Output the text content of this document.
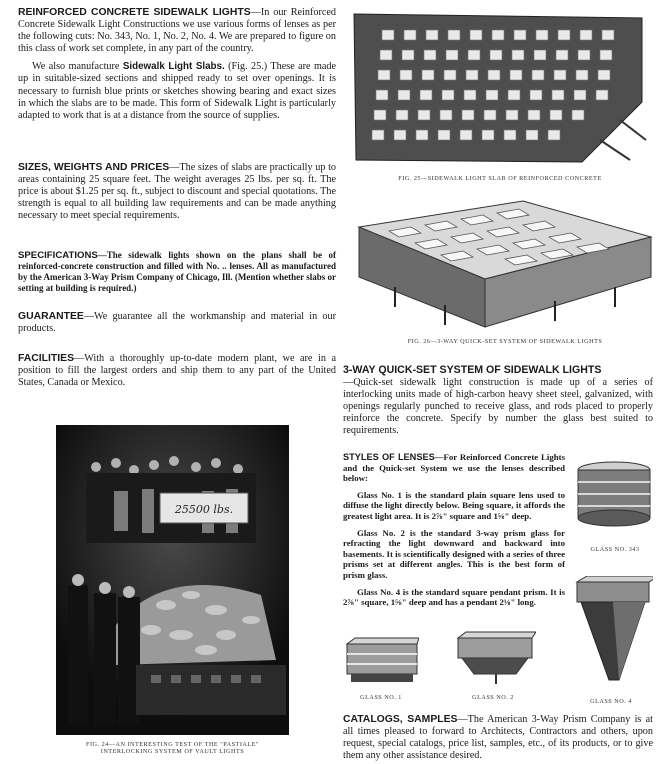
REINFORCED CONCRETE SIDEWALK LIGHTS—In our Reinforced Concrete Sidewalk Light Constructions we use various forms of lenses as per the following cuts: No. 343, No. 1, No. 2, No. 4. We are prepared to figure on this class of work set complete, in any part of the country.

We also manufacture Sidewalk Light Slabs. (Fig. 25.) These are made up in suitable-sized sections and shipped ready to set over openings. It is necessary to furnish blue prints or sketches showing bearing and exact sizes in which the slabs are to be made. This form of Sidewalk Light is particularly adapted to work that is at a distance from the source of supplies.

SIZES, WEIGHTS AND PRICES—The sizes of slabs are practically up to areas containing 25 square feet. The weight averages 25 lbs. per sq. ft. The price is about $1.25 per sq. ft., subject to discount and special quotations. The strength is equal to all building law requirements and can be made anything necessary to meet special requirements.
SPECIFICATIONS—The sidewalk lights shown on the plans shall be of reinforced-concrete construction and filled with No. .. lenses. All as manufactured by the American 3-Way Prism Company of Chicago, Ill. (Mention whether slabs or setting at building is required.)
GUARANTEE—We guarantee all the workmanship and material in our products.
FACILITIES—With a thoroughly up-to-date modern plant, we are in a position to fill the largest orders and ship them to any part of the United States, Canada or Mexico.
25500 lbs.
FIG. 24—AN INTERESTING TEST OF THE "PASTIALE"
INTERLOCKING SYSTEM OF VAULT LIGHTS
FIG. 25—SIDEWALK LIGHT SLAB OF REINFORCED CONCRETE
FIG. 26—3-WAY QUICK-SET SYSTEM OF SIDEWALK LIGHTS
3-WAY QUICK-SET SYSTEM OF SIDEWALK LIGHTS
—Quick-set sidewalk light construction is made up of a series of interlocking units made of high-carbon heavy sheet steel, galvanized, with openings regularly punched to receive glass, and rods placed to properly reinforce the concrete. Specify by number the glass best suited to requirements.

STYLES OF LENSES—For Reinforced Concrete Lights and the Quick-set System we use the lenses described below:

Glass No. 1 is the standard plain square lens used to diffuse the light directly below. Being square, it affords the greatest light area. It is 2⅞" square and 1⅝" deep.

Glass No. 2 is the standard 3-way prism glass for refracting the light downward and backward into basements. It is scientifically designed with a series of three prisms set at different angles. This is the best form of prism glass.

Glass No. 4 is the standard square pendant prism. It is 2⅞" square, 1⅝" deep and has a pendant 2⅛" long.

GLASS NO. 343
GLASS NO. 4
GLASS NO. 1	GLASS NO. 2
CATALOGS, SAMPLES—The American 3-Way Prism Company is at all times pleased to forward to Architects, Contractors and others, upon request, special catalogs, price list, samples, etc., of its products, or to give them any other assistance desired.
